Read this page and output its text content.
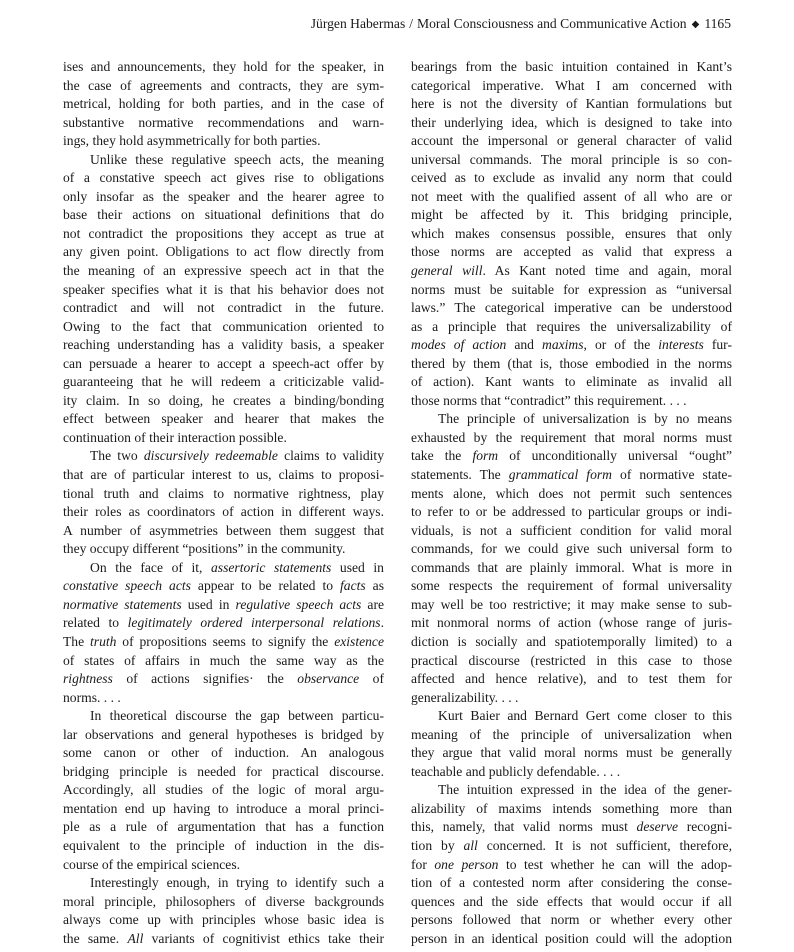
Jürgen Habermas / Moral Consciousness and Communicative Action ◆ 1165
ises and announcements, they hold for the speaker, in
the case of agreements and contracts, they are sym-
metrical, holding for both parties, and in the case of
substantive normative recommendations and warn-
ings, they hold asymmetrically for both parties.
Unlike these regulative speech acts, the meaning
of a constative speech act gives rise to obligations
only insofar as the speaker and the hearer agree to
base their actions on situational definitions that do
not contradict the propositions they accept as true at
any given point. Obligations to act flow directly from
the meaning of an expressive speech act in that the
speaker specifies what it is that his behavior does not
contradict and will not contradict in the future.
Owing to the fact that communication oriented to
reaching understanding has a validity basis, a speaker
can persuade a hearer to accept a speech-act offer by
guaranteeing that he will redeem a criticizable valid-
ity claim. In so doing, he creates a binding/bonding
effect between speaker and hearer that makes the
continuation of their interaction possible.
The two discursively redeemable claims to validity
that are of particular interest to us, claims to proposi-
tional truth and claims to normative rightness, play
their roles as coordinators of action in different ways.
A number of asymmetries between them suggest that
they occupy different “positions” in the community.
On the face of it, assertoric statements used in
constative speech acts appear to be related to facts as
normative statements used in regulative speech acts are
related to legitimately ordered interpersonal relations.
The truth of propositions seems to signify the existence
of states of affairs in much the same way as the
rightness of actions signifies· the observance of
norms. . . .
In theoretical discourse the gap between particu-
lar observations and general hypotheses is bridged by
some canon or other of induction. An analogous
bridging principle is needed for practical discourse.
Accordingly, all studies of the logic of moral argu-
mentation end up having to introduce a moral princi-
ple as a rule of argumentation that has a function
equivalent to the principle of induction in the dis-
course of the empirical sciences.
Interestingly enough, in trying to identify such a
moral principle, philosophers of diverse backgrounds
always come up with principles whose basic idea is
the same. All variants of cognitivist ethics take their
bearings from the basic intuition contained in Kant’s
categorical imperative. What I am concerned with
here is not the diversity of Kantian formulations but
their underlying idea, which is designed to take into
account the impersonal or general character of valid
universal commands. The moral principle is so con-
ceived as to exclude as invalid any norm that could
not meet with the qualified assent of all who are or
might be affected by it. This bridging principle,
which makes consensus possible, ensures that only
those norms are accepted as valid that express a
general will. As Kant noted time and again, moral
norms must be suitable for expression as “universal
laws.” The categorical imperative can be understood
as a principle that requires the universalizability of
modes of action and maxims, or of the interests fur-
thered by them (that is, those embodied in the norms
of action). Kant wants to eliminate as invalid all
those norms that “contradict” this requirement. . . .
The principle of universalization is by no means
exhausted by the requirement that moral norms must
take the form of unconditionally universal “ought”
statements. The grammatical form of normative state-
ments alone, which does not permit such sentences
to refer to or be addressed to particular groups or indi-
viduals, is not a sufficient condition for valid moral
commands, for we could give such universal form to
commands that are plainly immoral. What is more in
some respects the requirement of formal universality
may well be too restrictive; it may make sense to sub-
mit nonmoral norms of action (whose range of juris-
diction is socially and spatiotemporally limited) to a
practical discourse (restricted in this case to those
affected and hence relative), and to test them for
generalizability. . . .
Kurt Baier and Bernard Gert come closer to this
meaning of the principle of universalization when
they argue that valid moral norms must be generally
teachable and publicly defendable. . . .
The intuition expressed in the idea of the gener-
alizability of maxims intends something more than
this, namely, that valid norms must deserve recogni-
tion by all concerned. It is not sufficient, therefore,
for one person to test whether he can will the adop-
tion of a contested norm after considering the conse-
quences and the side effects that would occur if all
persons followed that norm or whether every other
person in an identical position could will the adoption
